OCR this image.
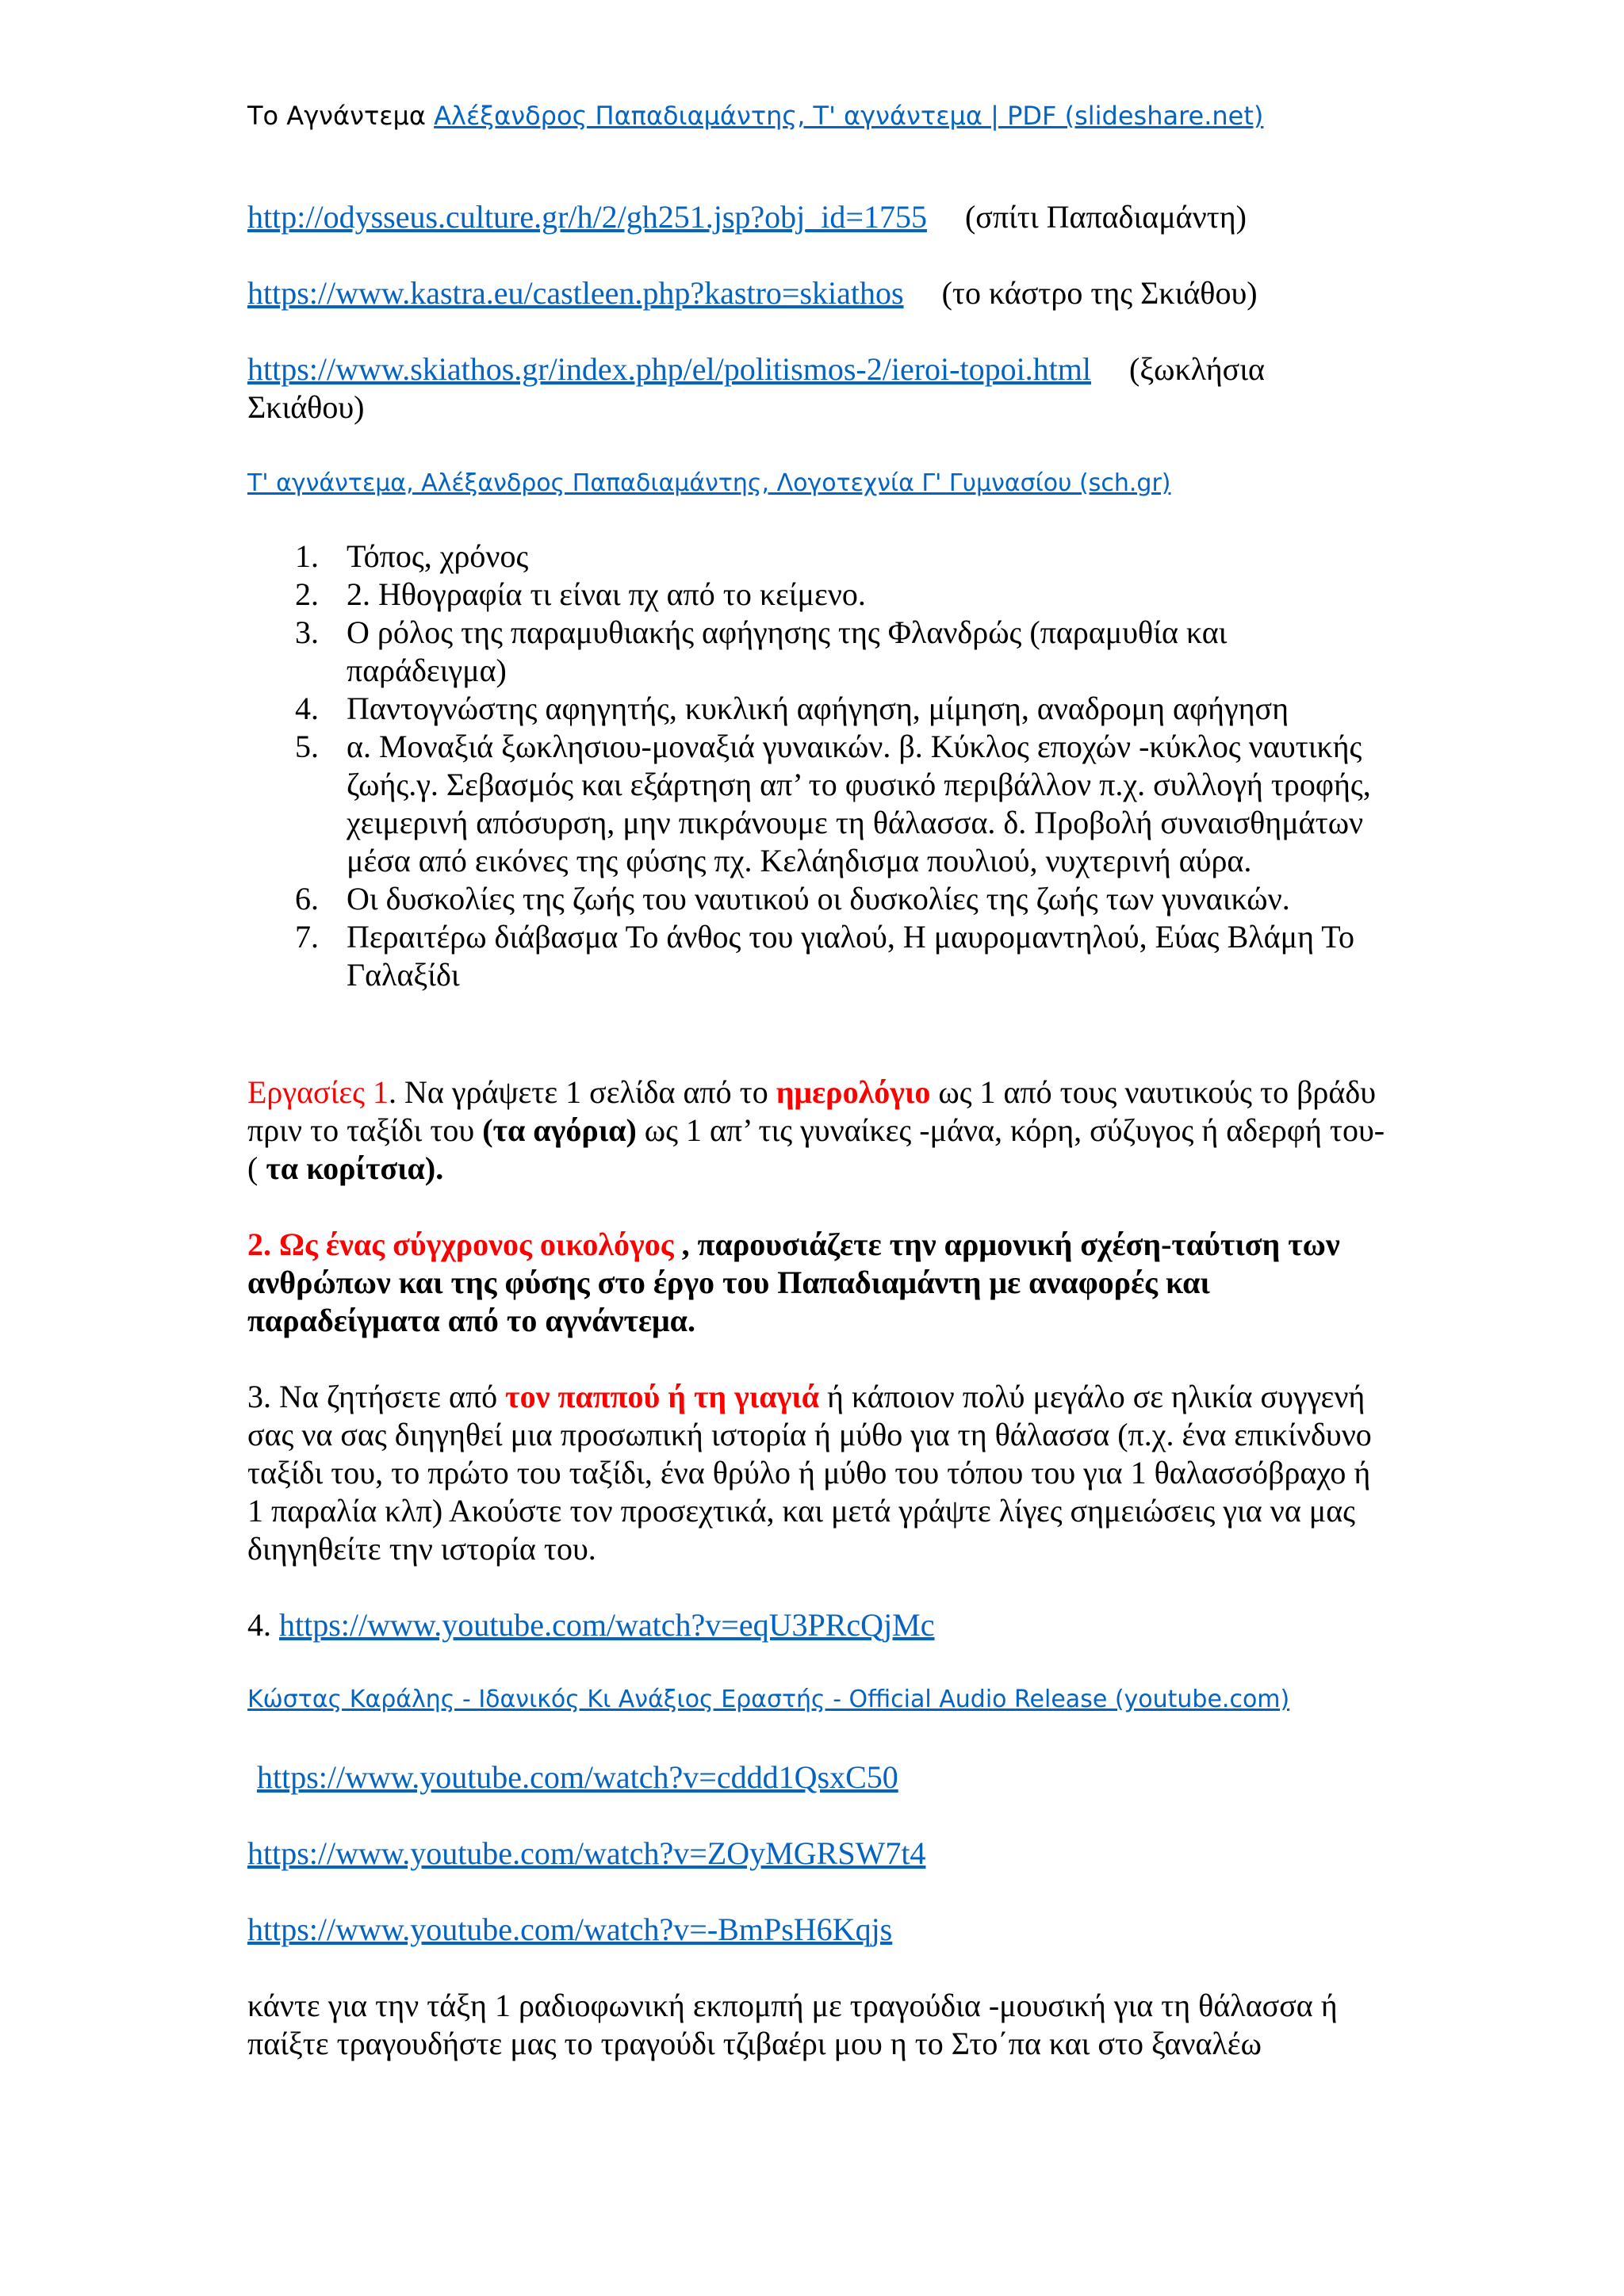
Το Αγνάντεμα Αλέξανδρος Παπαδιαμάντης, Τ' αγνάντεμα | PDF (slideshare.net)
http://odysseus.culture.gr/h/2/gh251.jsp?obj_id=1755 (σπίτι Παπαδιαμάντη)
https://www.kastra.eu/castleen.php?kastro=skiathos (το κάστρο της Σκιάθου)
https://www.skiathos.gr/index.php/el/politismos-2/ieroi-topoi.html (ξωκλήσια Σκιάθου)
Τ' αγνάντεμα, Αλέξανδρος Παπαδιαμάντης, Λογοτεχνία Γ' Γυμνασίου (sch.gr)
1. Τόπος, χρόνος
2. 2. Ηθογραφία τι είναι πχ από το κείμενο.
3. Ο ρόλος της παραμυθιακής αφήγησης της Φλανδρώς (παραμυθία και παράδειγμα)
4. Παντογνώστης αφηγητής, κυκλική αφήγηση, μίμηση, αναδρομη αφήγηση
5. α. Μοναξιά ξωκλησιου-μοναξιά γυναικών. β. Κύκλος εποχών -κύκλος ναυτικής ζωής.γ. Σεβασμός και εξάρτηση απ’ το φυσικό περιβάλλον π.χ. συλλογή τροφής, χειμερινή απόσυρση, μην πικράνουμε τη θάλασσα. δ. Προβολή συναισθημάτων μέσα από εικόνες της φύσης πχ. Κελάηδισμα πουλιού, νυχτερινή αύρα.
6. Οι δυσκολίες της ζωής του ναυτικού οι δυσκολίες της ζωής των γυναικών.
7. Περαιτέρω διάβασμα Το άνθος του γιαλού, Η μαυρομαντηλού, Εύας Βλάμη Το Γαλαξίδι
Εργασίες 1. Να γράψετε 1 σελίδα από το ημερολόγιο ως 1 από τους ναυτικούς το βράδυ πριν το ταξίδι του (τα αγόρια) ως 1 απ’ τις γυναίκες -μάνα, κόρη, σύζυγος ή αδερφή του-( τα κορίτσια).
2. Ως ένας σύγχρονος οικολόγος , παρουσιάζετε την αρμονική σχέση-ταύτιση των ανθρώπων και της φύσης στο έργο του Παπαδιαμάντη με αναφορές και παραδείγματα από το αγνάντεμα.
3. Να ζητήσετε από τον παππού ή τη γιαγιά ή κάποιον πολύ μεγάλο σε ηλικία συγγενή σας να σας διηγηθεί μια προσωπική ιστορία ή μύθο για τη θάλασσα (π.χ. ένα επικίνδυνο ταξίδι του, το πρώτο του ταξίδι, ένα θρύλο ή μύθο του τόπου του για 1 θαλασσόβραχο ή 1 παραλία κλπ) Ακούστε τον προσεχτικά, και μετά γράψτε λίγες σημειώσεις για να μας διηγηθείτε την ιστορία του.
4. https://www.youtube.com/watch?v=eqU3PRcQjMc
Κώστας Καράλης - Ιδανικός Κι Ανάξιος Εραστής - Official Audio Release (youtube.com)
https://www.youtube.com/watch?v=cddd1QsxC50
https://www.youtube.com/watch?v=ZOyMGRSW7t4
https://www.youtube.com/watch?v=-BmPsH6Kqjs
κάντε για την τάξη 1 ραδιοφωνική εκπομπή με τραγούδια -μουσική για τη θάλασσα ή παίξτε τραγουδήστε μας το τραγούδι τζιβαέρι μου η το Στο΄πα και στο ξαναλέω
